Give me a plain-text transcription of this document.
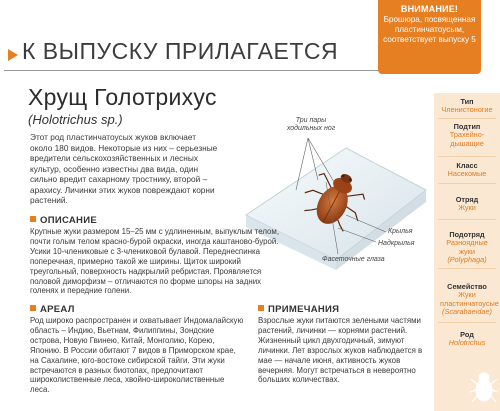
К ВЫПУСКУ ПРИЛАГАЕТСЯ
ВНИМАНИЕ!
Брошюра, посвященная пластинчатоусым, соответствует выпуску 5
Хрущ Голотрихус
(Holotrichus sp.)
Этот род пластинчатоусых жуков включает около 180 видов. Некоторые из них – серьезные вредители сельскохозяйственных и лесных культур, особенно известны два вида, один сильно вредит сахарному тростнику, второй – арахису. Личинки этих жуков повреждают корни растений.
Три пары ходильных ног
Крылья
Надкрылья
Фасеточные глаза
ОПИСАНИЕ
Крупные жуки размером 15–25 мм с удлиненным, выпуклым телом, почти голым телом красно-бурой окраски, иногда каштаново-бурой. Усики 10-члениковые с 3-члениковой булавой. Переднеспинка поперечная, примерно такой же ширины. Щиток широкий треугольный, поверхность надкрылий ребристая. Проявляется половой диморфизм – отличаются по форме шпоры на задних голенях и передние голени.
АРЕАЛ
Род широко распространен и охватывает Индомалайскую область – Индию, Вьетнам, Филиппины, Зондские острова, Новую Гвинею, Китай, Монголию, Корею, Японию. В России обитают 7 видов в Приморском крае, на Сахалине, юго-востоке сибирской тайги. Эти жуки встречаются в разных биотопах, предпочитают широколиственные леса, хвойно-широколиственные леса.
ПРИМЕЧАНИЯ
Взрослые жуки питаются зелеными частями растений, личинки — корнями растений. Жизненный цикл двухгодичный, зимуют личинки. Лет взрослых жуков наблюдается в мае — начале июня, активность жуков вечерняя. Могут встречаться в невероятно больших количествах.
Тип
Членистоногие
Подтип
Трахейно-дышащие
Класс
Насекомые
Отряд
Жуки
Подотряд
Разноядные жуки
(Polyphaga)
Семейство
Жуки пластинчатоусые
(Scarabaeidae)
Род
Holotrichus
